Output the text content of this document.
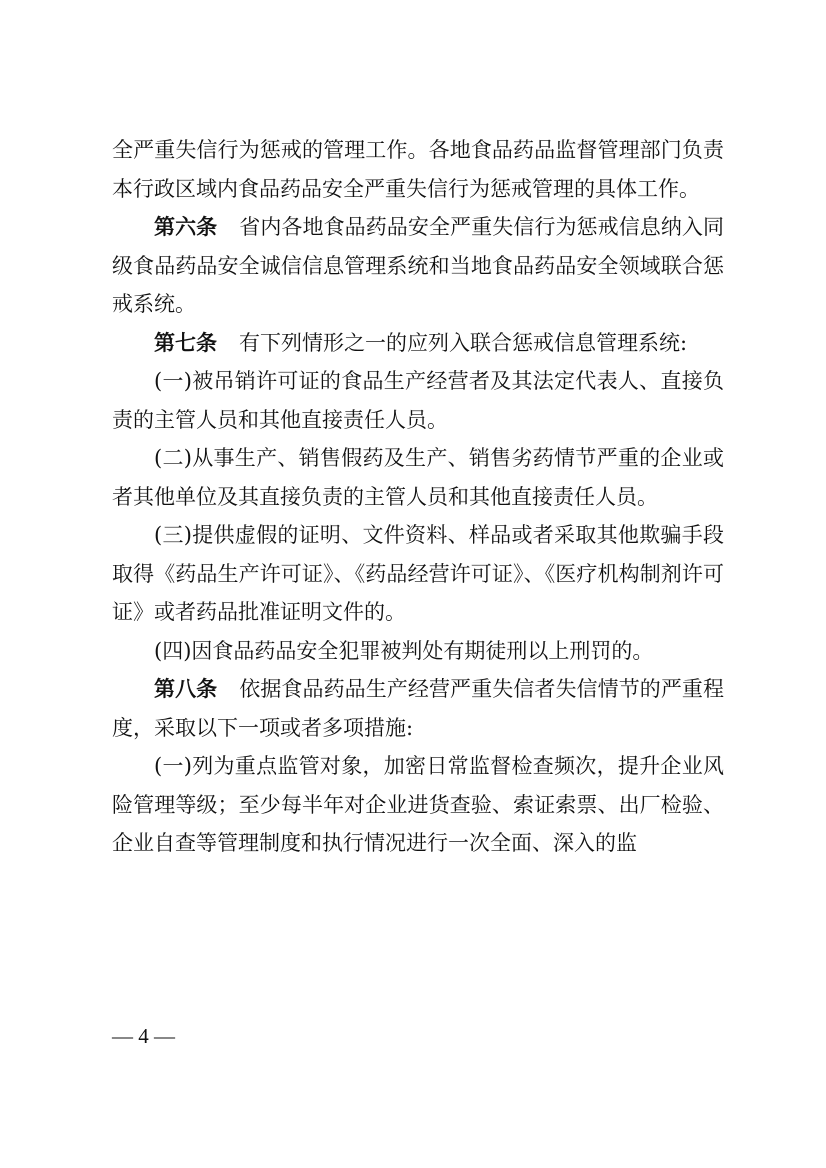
全严重失信行为惩戒的管理工作。各地食品药品监督管理部门负责本行政区域内食品药品安全严重失信行为惩戒管理的具体工作。

第六条 省内各地食品药品安全严重失信行为惩戒信息纳入同级食品药品安全诚信信息管理系统和当地食品药品安全领域联合惩戒系统。

第七条 有下列情形之一的应列入联合惩戒信息管理系统:

(一)被吊销许可证的食品生产经营者及其法定代表人、直接负责的主管人员和其他直接责任人员。

(二)从事生产、销售假药及生产、销售劣药情节严重的企业或者其他单位及其直接负责的主管人员和其他直接责任人员。

(三)提供虚假的证明、文件资料、样品或者采取其他欺骗手段取得《药品生产许可证》、《药品经营许可证》、《医疗机构制剂许可证》或者药品批准证明文件的。

(四)因食品药品安全犯罪被判处有期徒刑以上刑罚的。

第八条 依据食品药品生产经营严重失信者失信情节的严重程度，采取以下一项或者多项措施:

(一)列为重点监管对象，加密日常监督检查频次，提升企业风险管理等级；至少每半年对企业进货查验、索证索票、出厂检验、企业自查等管理制度和执行情况进行一次全面、深入的监

— 4 —
